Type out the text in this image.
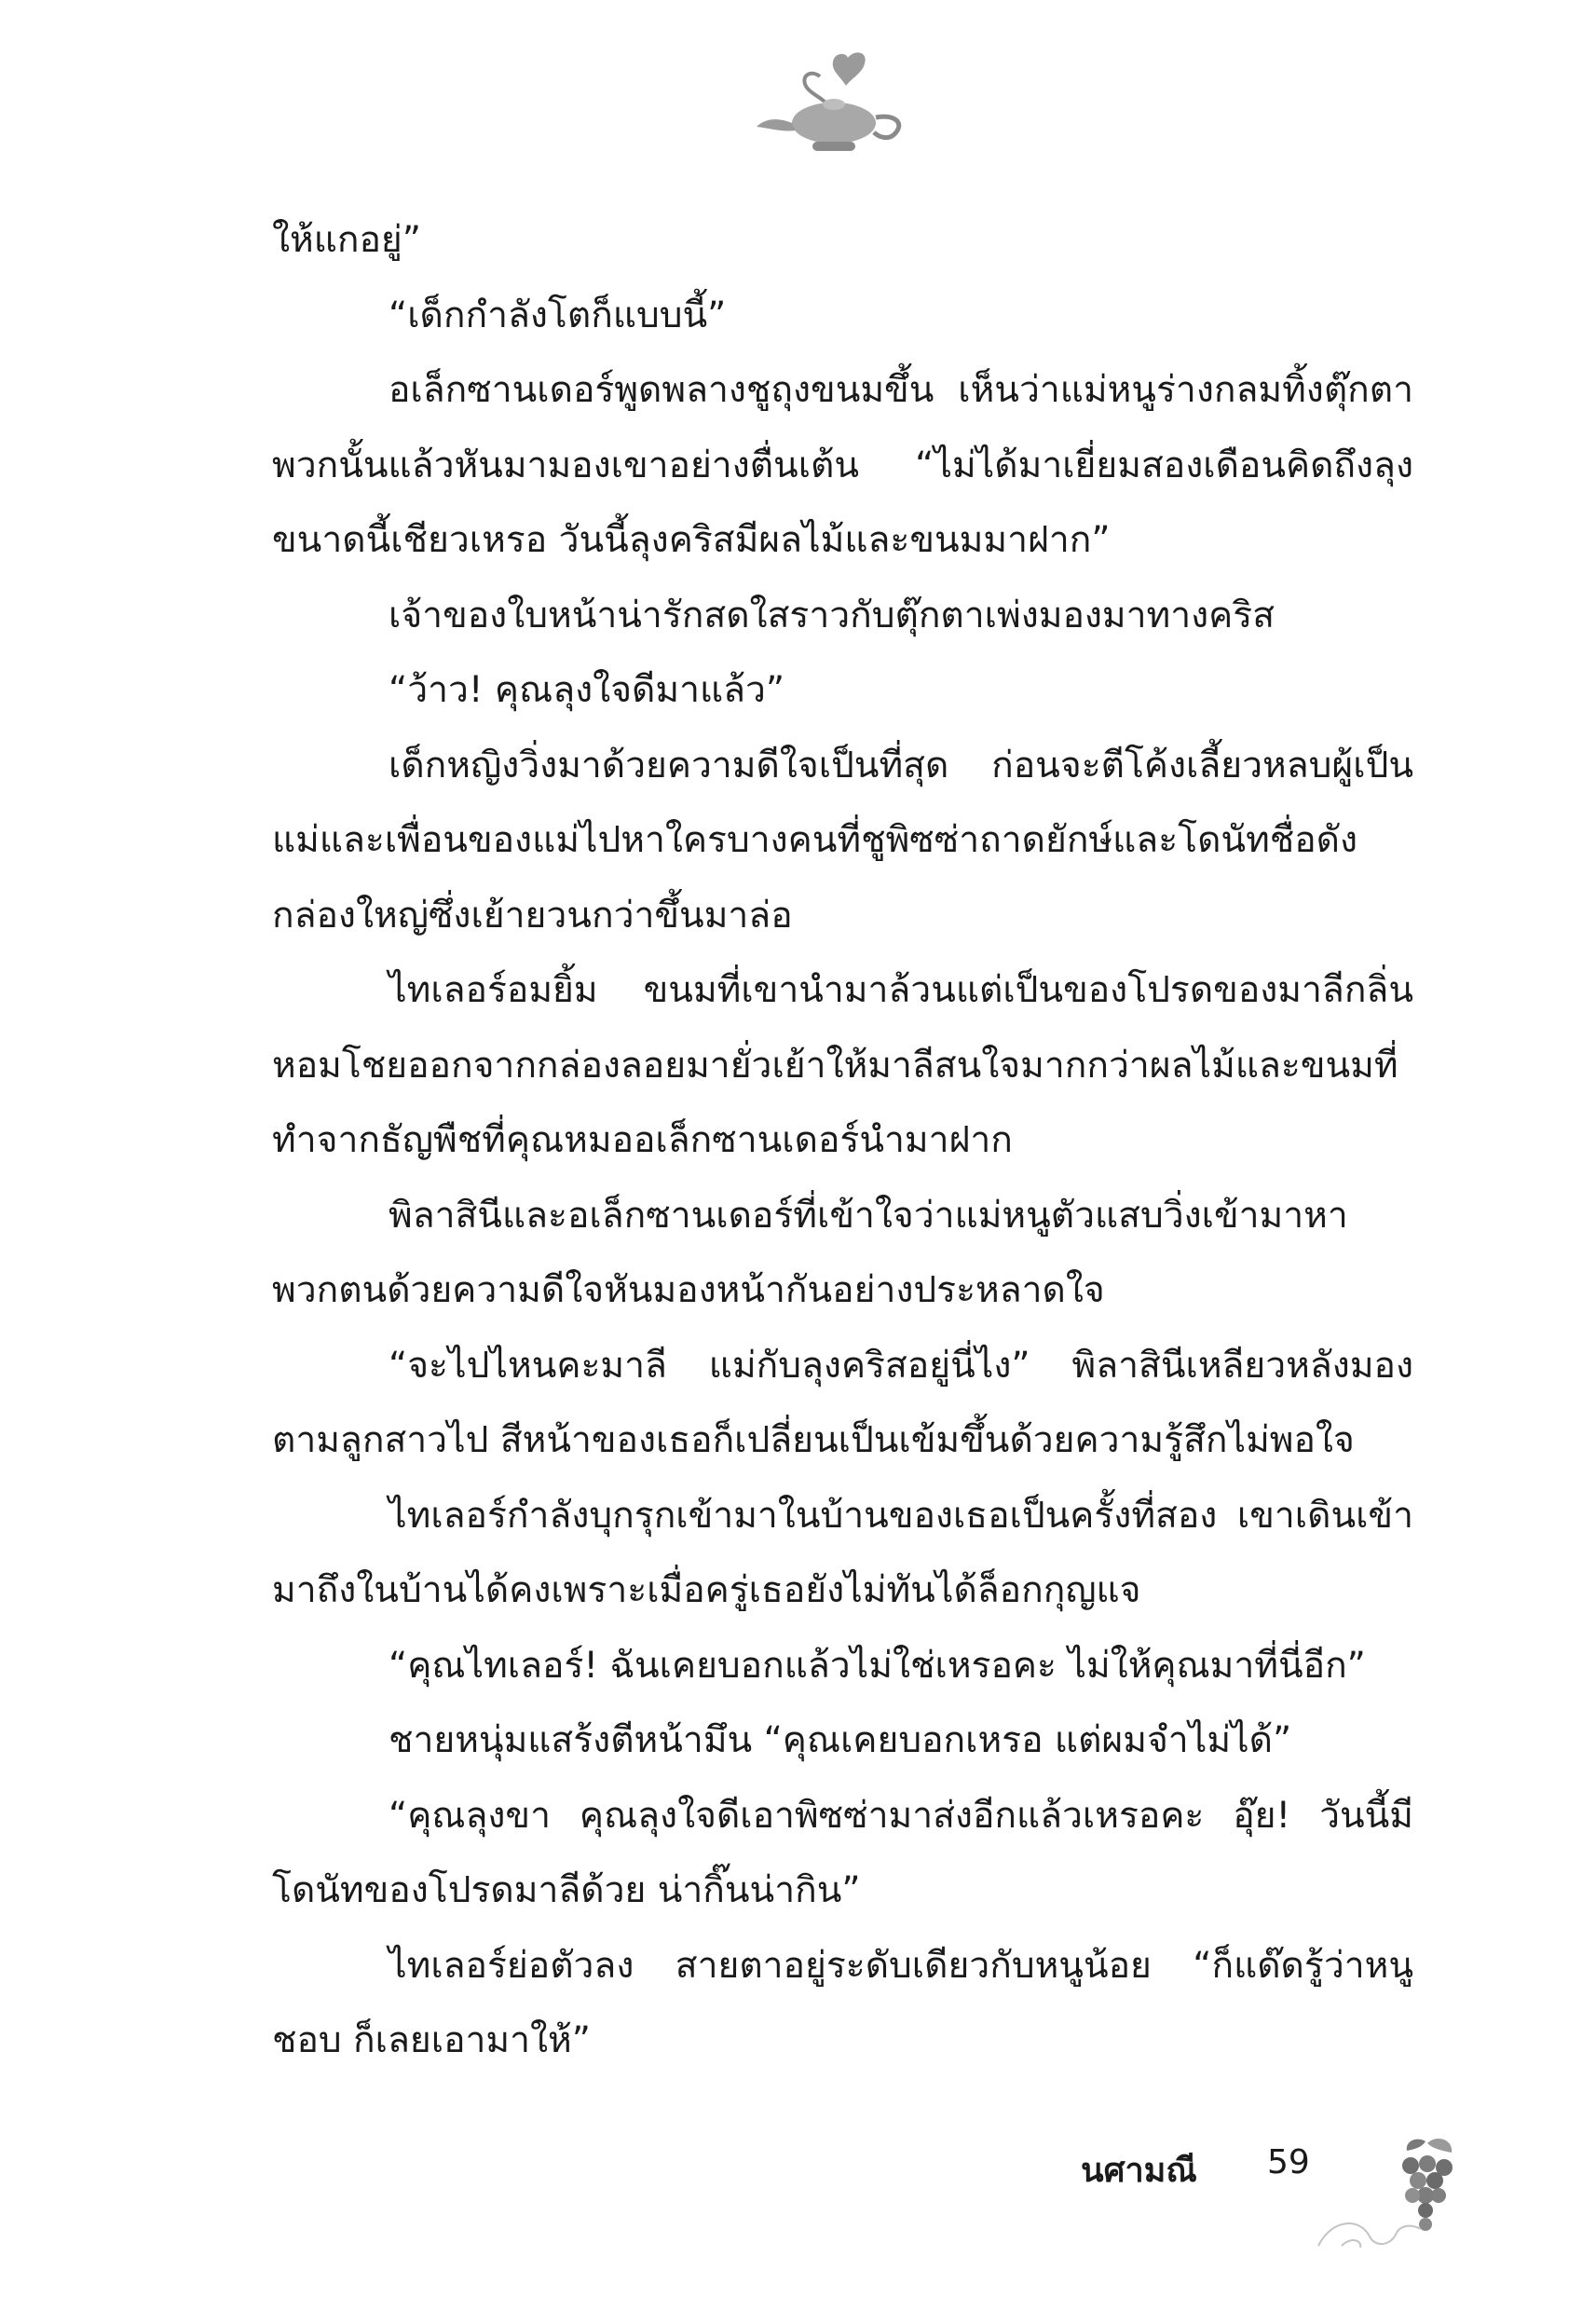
ให้แกอยู่”

“เด็กกำลังโตก็แบบนี้”

อเล็กซานเดอร์พูดพลางชูถุงขนมขึ้น เห็นว่าแม่หนูร่างกลมทิ้งตุ๊กตาพวกนั้นแล้วหันมามองเขาอย่างตื่นเต้น “ไม่ได้มาเยี่ยมสองเดือนคิดถึงลุงขนาดนี้เชียวเหรอ วันนี้ลุงคริสมีผลไม้และขนมมาฝาก”

เจ้าของใบหน้าน่ารักสดใสราวกับตุ๊กตาเพ่งมองมาทางคริส

“ว้าว! คุณลุงใจดีมาแล้ว”

เด็กหญิงวิ่งมาด้วยความดีใจเป็นที่สุด ก่อนจะตีโค้งเลี้ยวหลบผู้เป็นแม่และเพื่อนของแม่ไปหาใครบางคนที่ชูพิซซ่าถาดยักษ์และโดนัทชื่อดังกล่องใหญ่ซึ่งเย้ายวนกว่าขึ้นมาล่อ

ไทเลอร์อมยิ้ม ขนมที่เขานำมาล้วนแต่เป็นของโปรดของมาลีกลิ่นหอมโชยออกจากกล่องลอยมายั่วเย้าให้มาลีสนใจมากกว่าผลไม้และขนมที่ทำจากธัญพืชที่คุณหมออเล็กซานเดอร์นำมาฝาก

พิลาสินีและอเล็กซานเดอร์ที่เข้าใจว่าแม่หนูตัวแสบวิ่งเข้ามาหาพวกตนด้วยความดีใจหันมองหน้ากันอย่างประหลาดใจ

“จะไปไหนคะมาลี แม่กับลุงคริสอยู่นี่ไง” พิลาสินีเหลียวหลังมองตามลูกสาวไป สีหน้าของเธอก็เปลี่ยนเป็นเข้มขึ้นด้วยความรู้สึกไม่พอใจ

ไทเลอร์กำลังบุกรุกเข้ามาในบ้านของเธอเป็นครั้งที่สอง เขาเดินเข้ามาถึงในบ้านได้คงเพราะเมื่อครู่เธอยังไม่ทันได้ล็อกกุญแจ

“คุณไทเลอร์! ฉันเคยบอกแล้วไม่ใช่เหรอคะ ไม่ให้คุณมาที่นี่อีก”

ชายหนุ่มแสร้งตีหน้ามึน “คุณเคยบอกเหรอ แต่ผมจำไม่ได้”

“คุณลุงขา คุณลุงใจดีเอาพิซซ่ามาส่งอีกแล้วเหรอคะ อุ๊ย! วันนี้มีโดนัทของโปรดมาลีด้วย น่ากิ๊นน่ากิน”

ไทเลอร์ย่อตัวลง สายตาอยู่ระดับเดียวกับหนูน้อย “ก็แด๊ดรู้ว่าหนูชอบ ก็เลยเอามาให้”

นศามณี 59
